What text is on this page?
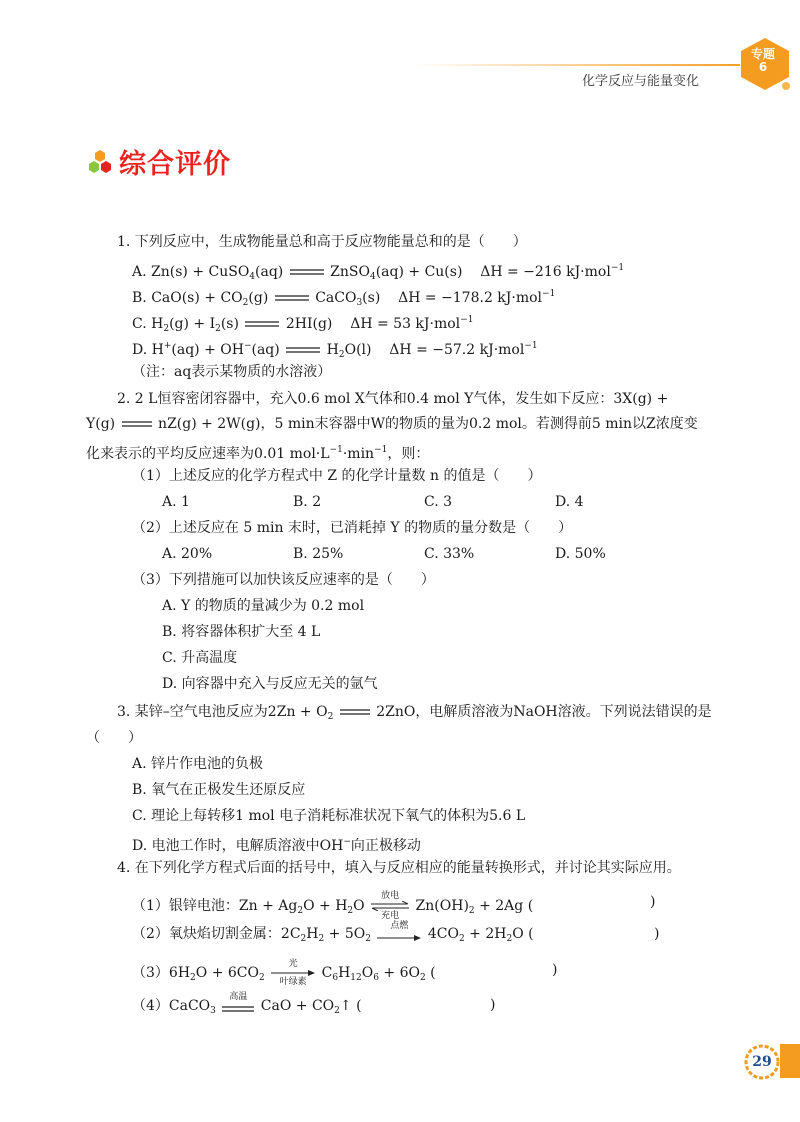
化学反应与能量变化
专题
6
综合评价
1. 下列反应中，生成物能量总和高于反应物能量总和的是（　　）
A. Zn(s) + CuSO$_4$(aq)	ZnSO$_4$(aq) + Cu(s) ΔH = −216 kJ·mol$^{-1}$
B. $CaO(s) + CO_2(g)$	CaCO$_3$(s) ΔH = −178.2 kJ·mol$^{-1}$
C. $H_2(g) + I_2(s)$	2HI(g) ΔH = 53 kJ·mol$^{-1}$
D. H+(aq) + OH−(aq)	$H_2O(l) \Delta H = -57.2$ kJ·mol$^{-1}$
（注：aq表示某物质的水溶液）
2. 2 L恒容密闭容器中，充入0.6 mol X气体和0.4 mol Y气体，发生如下反应：3X(g) +
Y(g)	nZ(g) + 2W(g)，5 min末容器中W的物质的量为0.2 mol。若测得前5 min以Z浓度变
化来表示的平均反应速率为0.01 $mol\cdot L^{-1}\cdot\min^{-1}$，则：
（1）上述反应的化学方程式中 Z 的化学计量数 n 的值是（　　）
A. 1	B. 2	C. 3	D. 4
（2）上述反应在 5 min 末时，已消耗掉 Y 的物质的量分数是（　　）
A. 20%	B. 25%	C. 33%	D. 50%
（3）下列措施可以加快该反应速率的是（　　）
A. Y 的物质的量减少为 0.2 mol
B. 将容器体积扩大至 4 L
C. 升高温度
D. 向容器中充入与反应无关的氩气
3. 某锌–空气电池反应为$2Zn + O_2$	2ZnO，电解质溶液为NaOH溶液。下列说法错误的是
（　　）
A. 锌片作电池的负极
B. 氧气在正极发生还原反应
C. 理论上每转移1 mol 电子消耗标准状况下氧气的体积为5.6 L
D. 电池工作时，电解质溶液中OH−向正极移动
4. 在下列化学方程式后面的括号中，填入与反应相应的能量转换形式，并讨论其实际应用。
（1）银锌电池：$Zn + Ag_2O + H_2O$
放电
充电
$Zn(OH)_2 + 2Ag$ (	)
（2）氧炔焰切割金属：$2C_2H_2 + 5O_2$
点燃	$4CO_2 + 2H_2O$ (	)
$(3)6H_2O + 6CO_2$
光
叶绿素
$C_6H_{12}O_6 + 6O_2$ (	)
（4）CaCO$_3$
高温
CaO + $CO_2↑$ (	)
29
